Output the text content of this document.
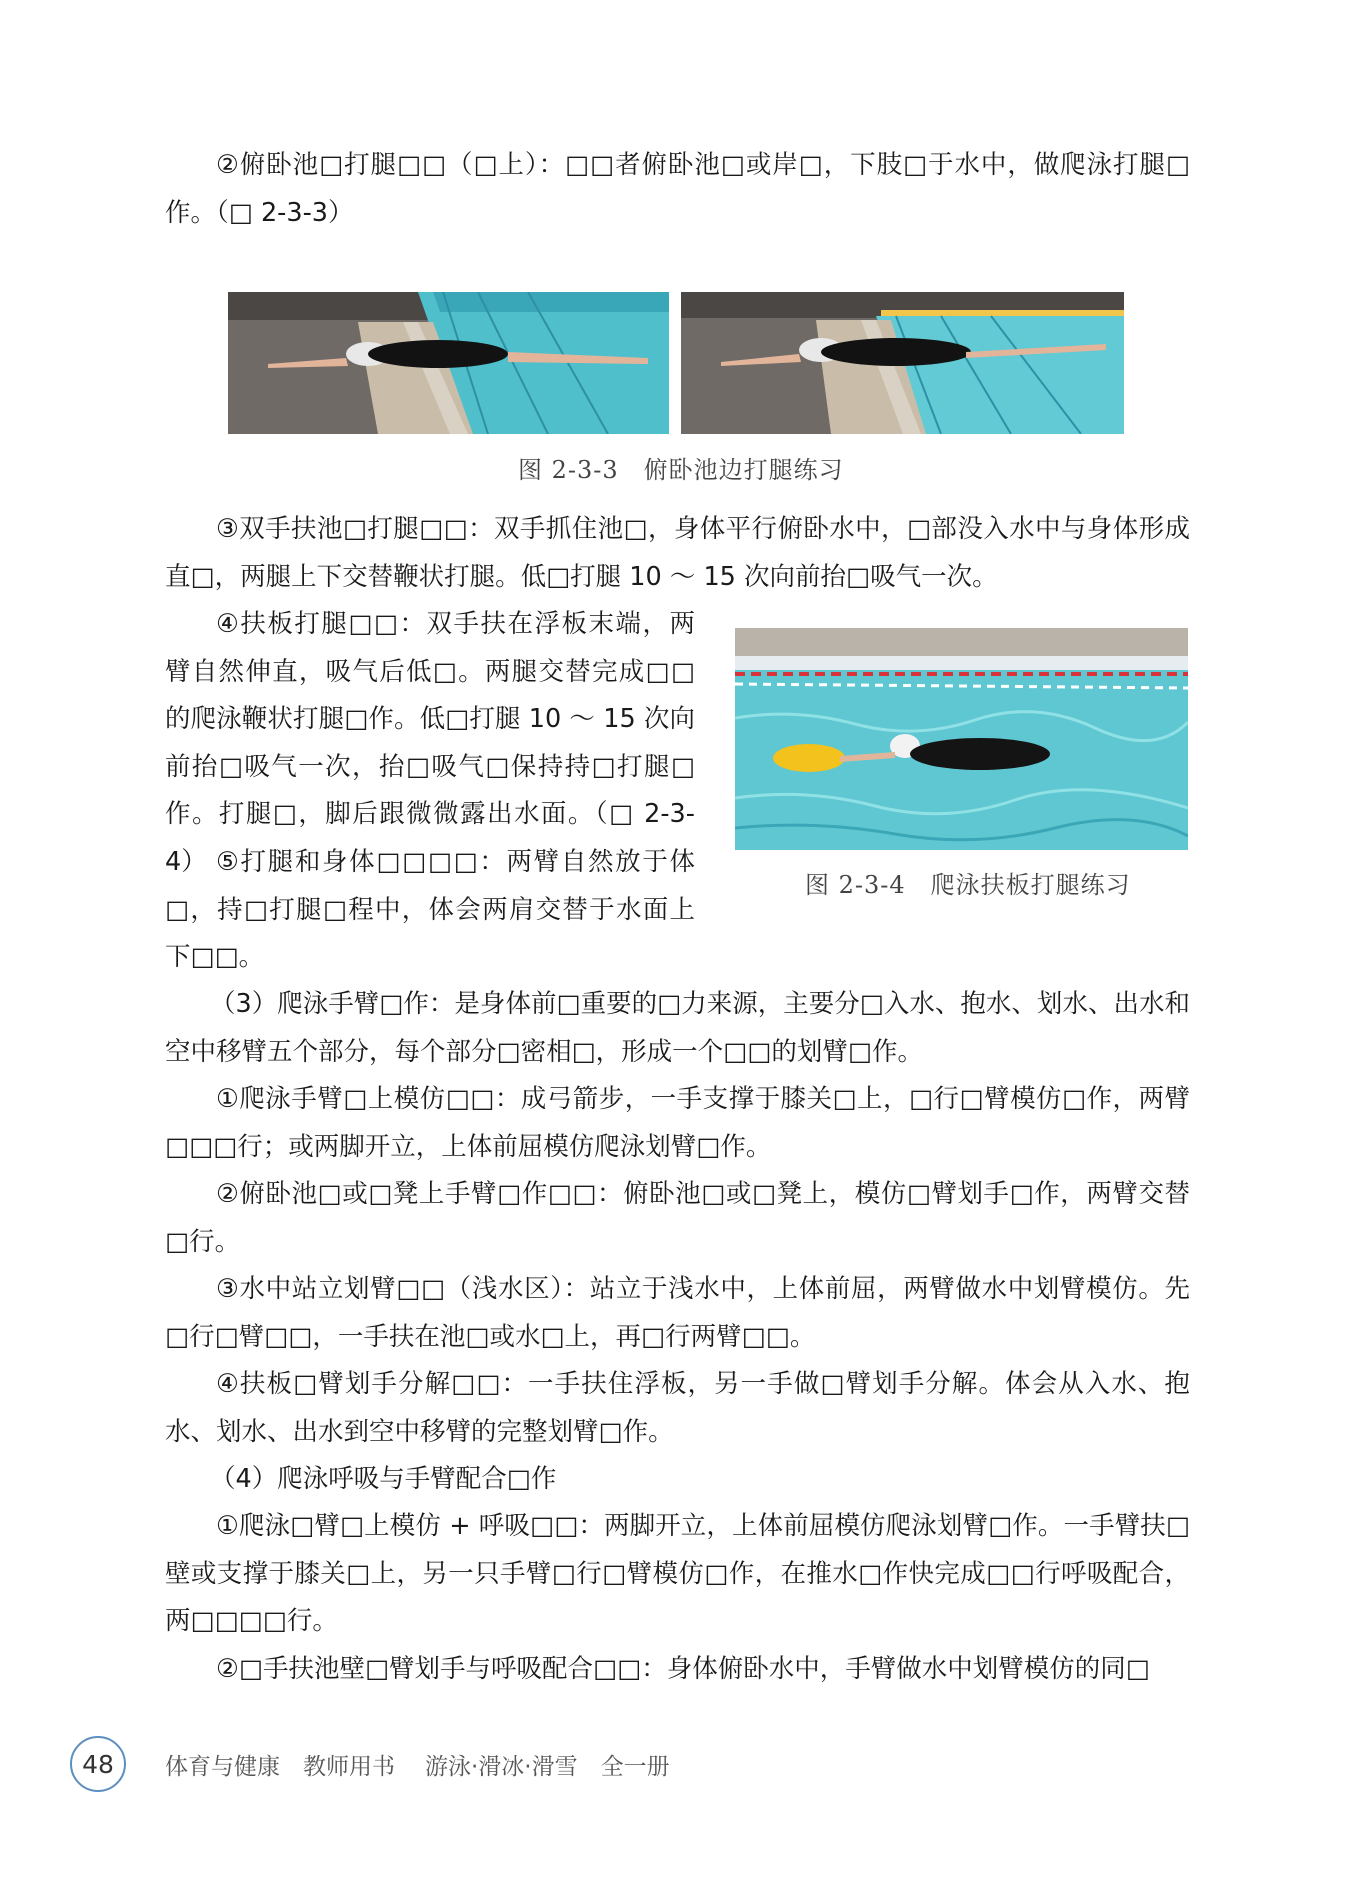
②俯卧池□打腿□□（□上）：□□者俯卧池□或岸□，下肢□于水中，做爬泳打腿□作。（□ 2-3-3）

图 2-3-3　俯卧池边打腿练习

③双手扶池□打腿□□：双手抓住池□，身体平行俯卧水中，□部没入水中与身体形成直□，两腿上下交替鞭状打腿。低□打腿 10 ～ 15 次向前抬□吸气一次。

④扶板打腿□□：双手扶在浮板末端，两臂自然伸直，吸气后低□。两腿交替完成□□的爬泳鞭状打腿□作。低□打腿 10 ～ 15 次向前抬□吸气一次，抬□吸气□保持持□打腿□作。打腿□，脚后跟微微露出水面。（□ 2-3-4） ⑤打腿和身体□□□□：两臂自然放于体□，持□打腿□程中，体会两肩交替于水面上下□□。

图 2-3-4　爬泳扶板打腿练习

（3）爬泳手臂□作：是身体前□重要的□力来源，主要分□入水、抱水、划水、出水和空中移臂五个部分，每个部分□密相□，形成一个□□的划臂□作。

①爬泳手臂□上模仿□□：成弓箭步，一手支撑于膝关□上，□行□臂模仿□作，两臂□□□行；或两脚开立，上体前屈模仿爬泳划臂□作。

②俯卧池□或□凳上手臂□作□□：俯卧池□或□凳上，模仿□臂划手□作，两臂交替□行。

③水中站立划臂□□（浅水区）：站立于浅水中，上体前屈，两臂做水中划臂模仿。先□行□臂□□，一手扶在池□或水□上，再□行两臂□□。

④扶板□臂划手分解□□：一手扶住浮板，另一手做□臂划手分解。体会从入水、抱水、划水、出水到空中移臂的完整划臂□作。

（4）爬泳呼吸与手臂配合□作

①爬泳□臂□上模仿 + 呼吸□□：两脚开立，上体前屈模仿爬泳划臂□作。一手臂扶□壁或支撑于膝关□上，另一只手臂□行□臂模仿□作，在推水□作快完成□□行呼吸配合，两□□□□行。

②□手扶池壁□臂划手与呼吸配合□□：身体俯卧水中，手臂做水中划臂模仿的同□

48	体育与健康　教师用书 游泳·滑冰·滑雪　全一册
